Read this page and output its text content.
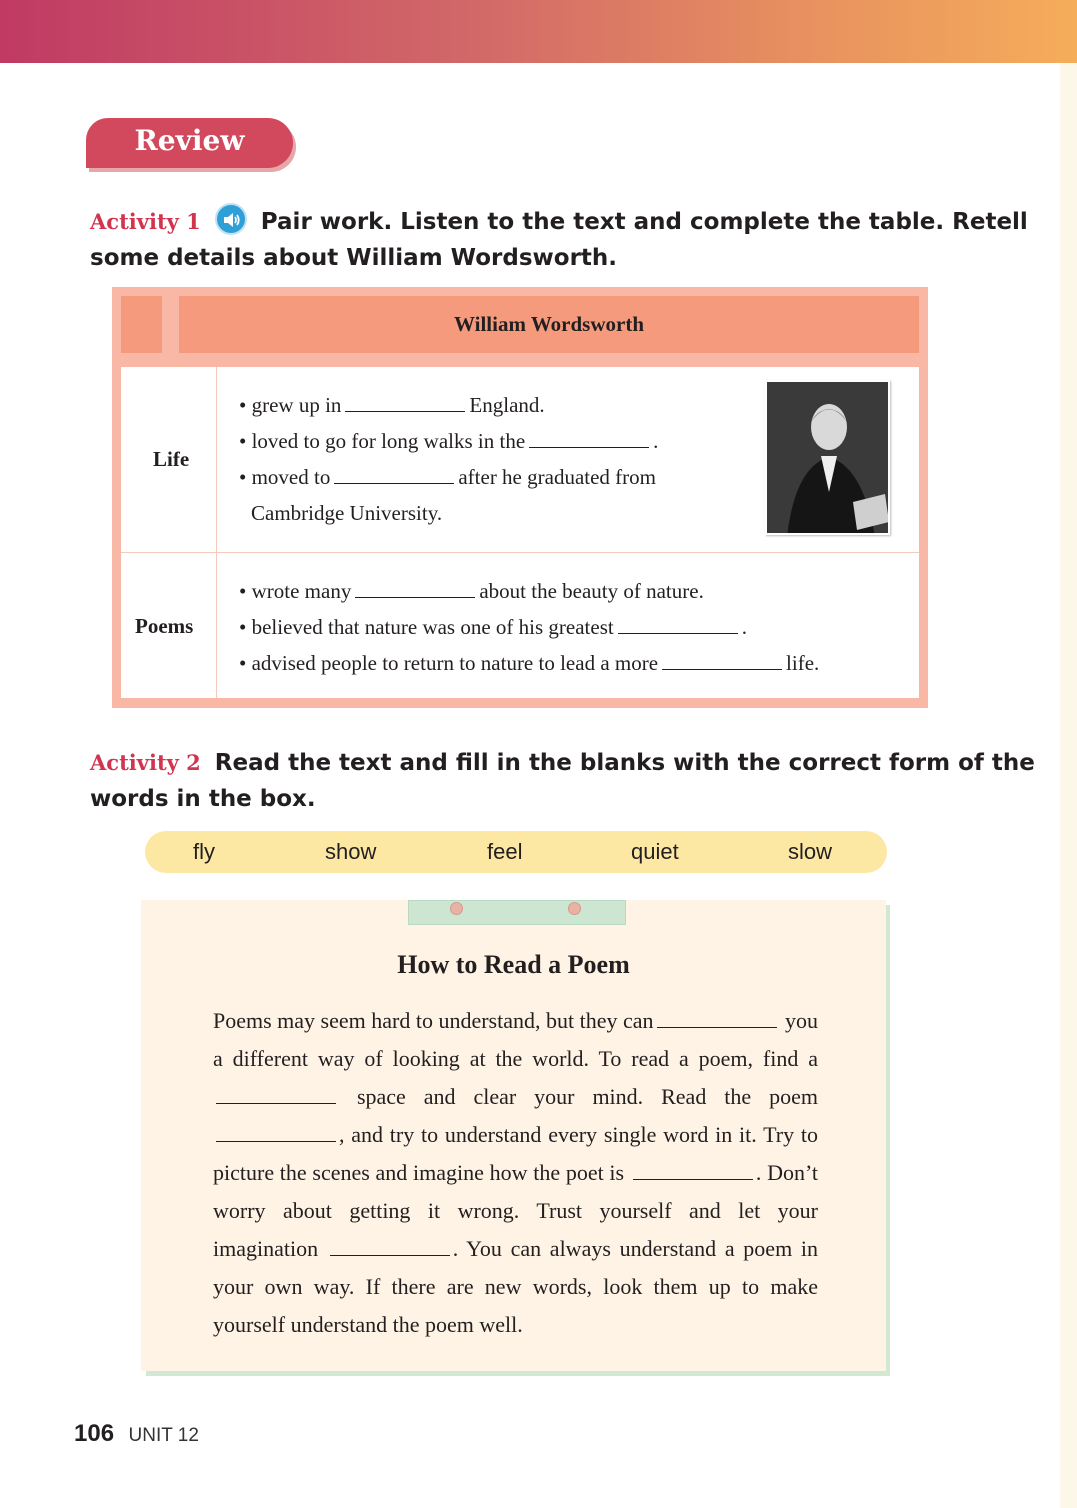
Review
Activity 1	Pair work. Listen to the text and complete the table. Retell
some details about William Wordsworth.
William Wordsworth
Life
• grew up in	England.
• loved to go for long walks in the	.
• moved to	after he graduated from
Cambridge University.
Poems
• wrote many	about the beauty of nature.
• believed that nature was one of his greatest	.
• advised people to return to nature to lead a more	life.
Activity 2 Read the text and fill in the blanks with the correct form of the
words in the box.
fly	show	feel	quiet	slow
How to Read a Poem
Poems may seem hard to understand, but they can	you a different way of looking at the world. To read a poem, find a space and clear your mind. Read the poem , and try to understand every single word in it. Try to picture the scenes and imagine how the poet is	. Don’t worry about getting it wrong. Trust yourself and let your imagination	. You can always understand a poem in your own way. If there are new words, look them up to make yourself understand the poem well.
106 UNIT 12
